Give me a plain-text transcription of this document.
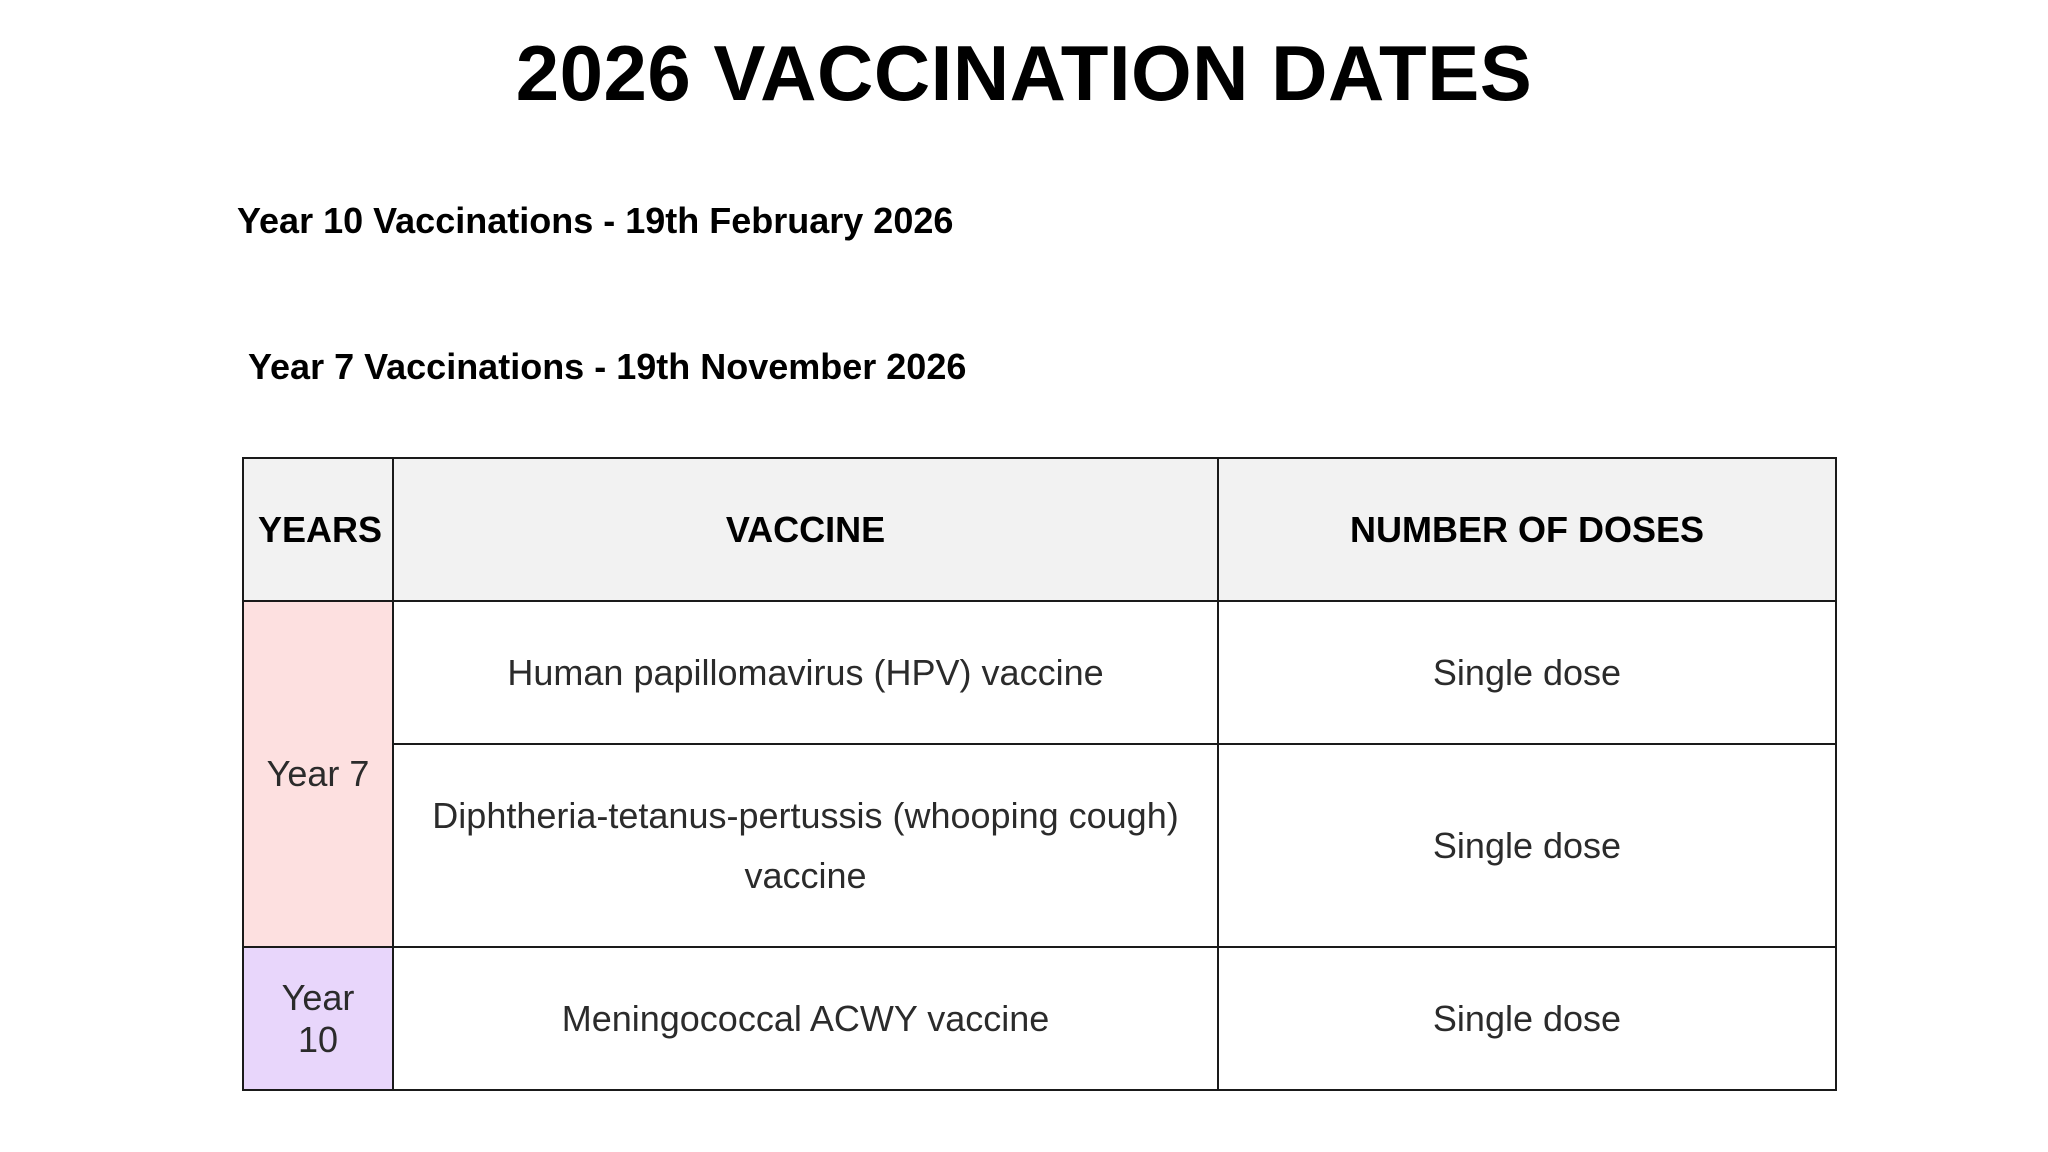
2026 VACCINATION DATES
Year 10 Vaccinations - 19th February 2026
Year 7 Vaccinations - 19th November 2026
YEARS	VACCINE	NUMBER OF DOSES
Year 7	Human papillomavirus (HPV) vaccine	Single dose
	Diphtheria-tetanus-pertussis (whooping cough) vaccine	Single dose
Year 10	Meningococcal ACWY vaccine	Single dose
